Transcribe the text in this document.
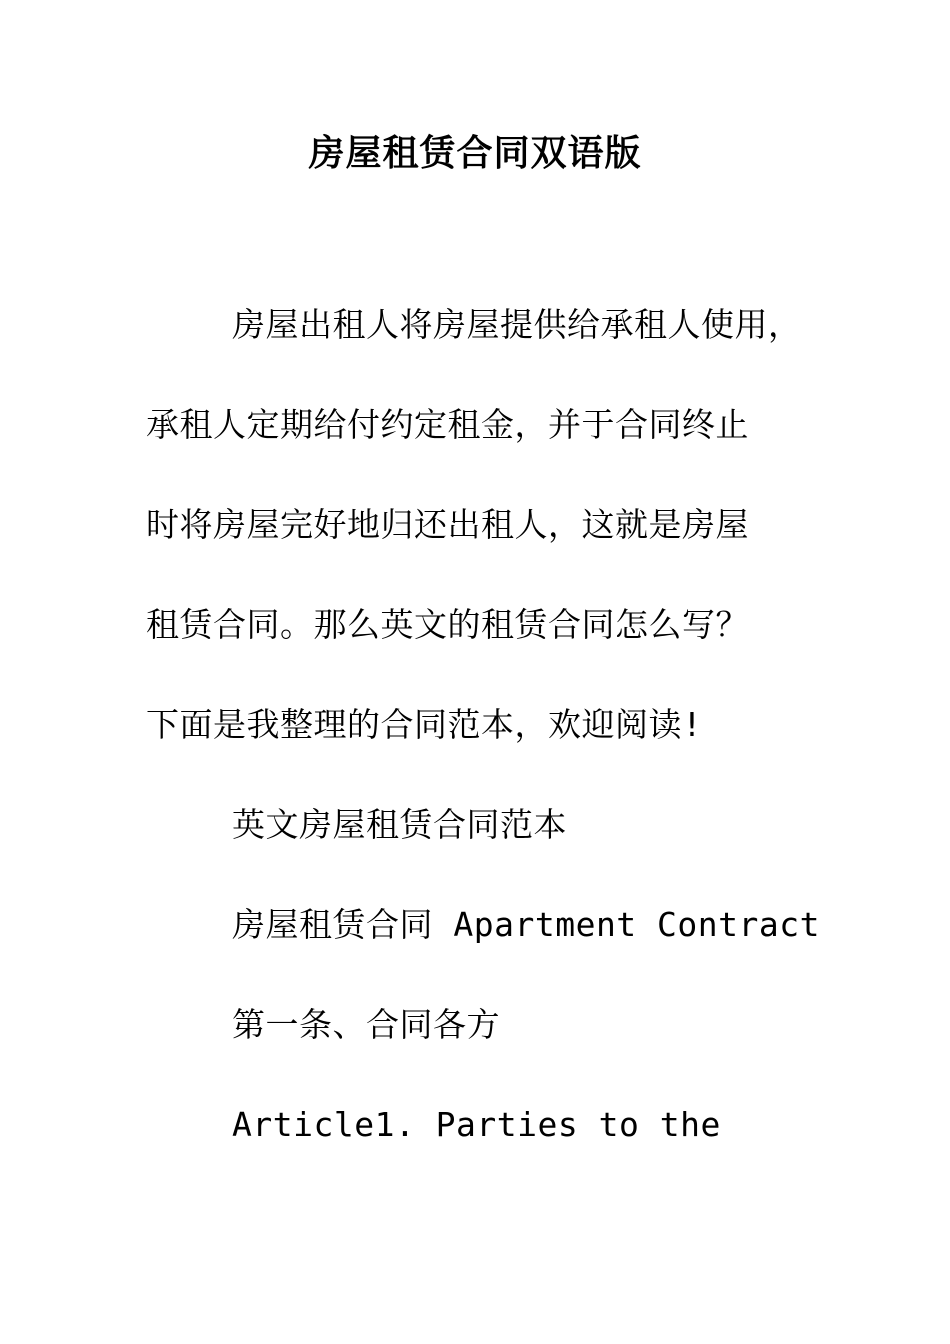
房屋租赁合同双语版
房屋出租人将房屋提供给承租人使用，
承租人定期给付约定租金，并于合同终止
时将房屋完好地归还出租人，这就是房屋
租赁合同。那么英文的租赁合同怎么写？
下面是我整理的合同范本，欢迎阅读!
英文房屋租赁合同范本
房屋租赁合同 Apartment Contract
第一条、合同各方
Article1. Parties to the
